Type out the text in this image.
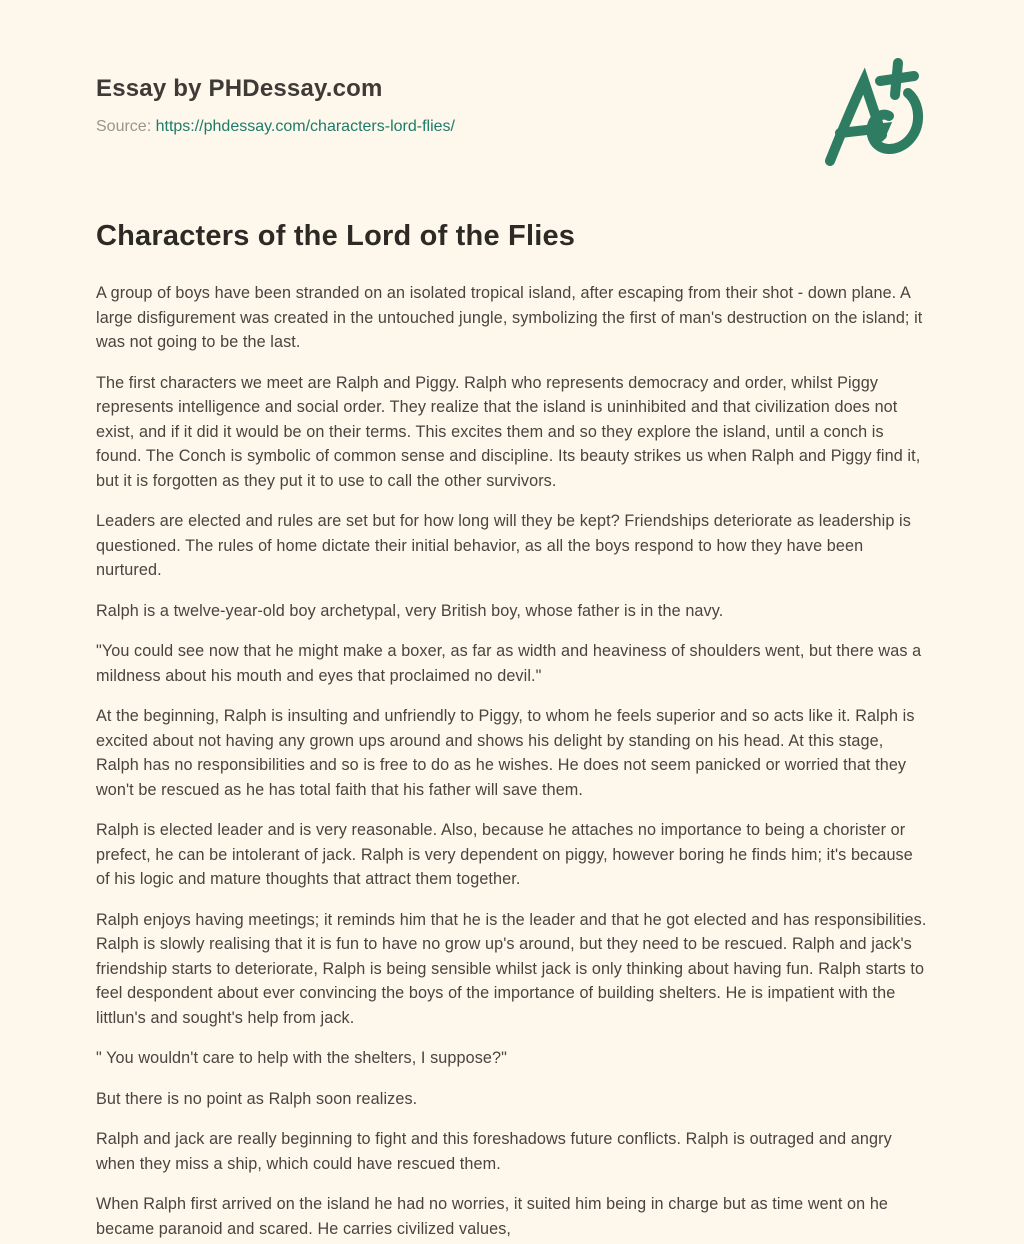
Essay by PHDessay.com
Source: https://phdessay.com/characters-lord-flies/
Characters of the Lord of the Flies

A group of boys have been stranded on an isolated tropical island, after escaping from their shot - down plane. A large disfigurement was created in the untouched jungle, symbolizing the first of man's destruction on the island; it was not going to be the last.

The first characters we meet are Ralph and Piggy. Ralph who represents democracy and order, whilst Piggy represents intelligence and social order. They realize that the island is uninhibited and that civilization does not exist, and if it did it would be on their terms. This excites them and so they explore the island, until a conch is found. The Conch is symbolic of common sense and discipline. Its beauty strikes us when Ralph and Piggy find it, but it is forgotten as they put it to use to call the other survivors.

Leaders are elected and rules are set but for how long will they be kept? Friendships deteriorate as leadership is questioned. The rules of home dictate their initial behavior, as all the boys respond to how they have been nurtured.

Ralph is a twelve-year-old boy archetypal, very British boy, whose father is in the navy.

"You could see now that he might make a boxer, as far as width and heaviness of shoulders went, but there was a mildness about his mouth and eyes that proclaimed no devil."

At the beginning, Ralph is insulting and unfriendly to Piggy, to whom he feels superior and so acts like it. Ralph is excited about not having any grown ups around and shows his delight by standing on his head. At this stage, Ralph has no responsibilities and so is free to do as he wishes. He does not seem panicked or worried that they won't be rescued as he has total faith that his father will save them.

Ralph is elected leader and is very reasonable. Also, because he attaches no importance to being a chorister or prefect, he can be intolerant of jack. Ralph is very dependent on piggy, however boring he finds him; it's because of his logic and mature thoughts that attract them together.

Ralph enjoys having meetings; it reminds him that he is the leader and that he got elected and has responsibilities. Ralph is slowly realising that it is fun to have no grow up's around, but they need to be rescued. Ralph and jack's friendship starts to deteriorate, Ralph is being sensible whilst jack is only thinking about having fun. Ralph starts to feel despondent about ever convincing the boys of the importance of building shelters. He is impatient with the littlun's and sought's help from jack.

" You wouldn't care to help with the shelters, I suppose?"

But there is no point as Ralph soon realizes.

Ralph and jack are really beginning to fight and this foreshadows future conflicts. Ralph is outraged and angry when they miss a ship, which could have rescued them.

When Ralph first arrived on the island he had no worries, it suited him being in charge but as time went on he became paranoid and scared. He carries civilized values,
